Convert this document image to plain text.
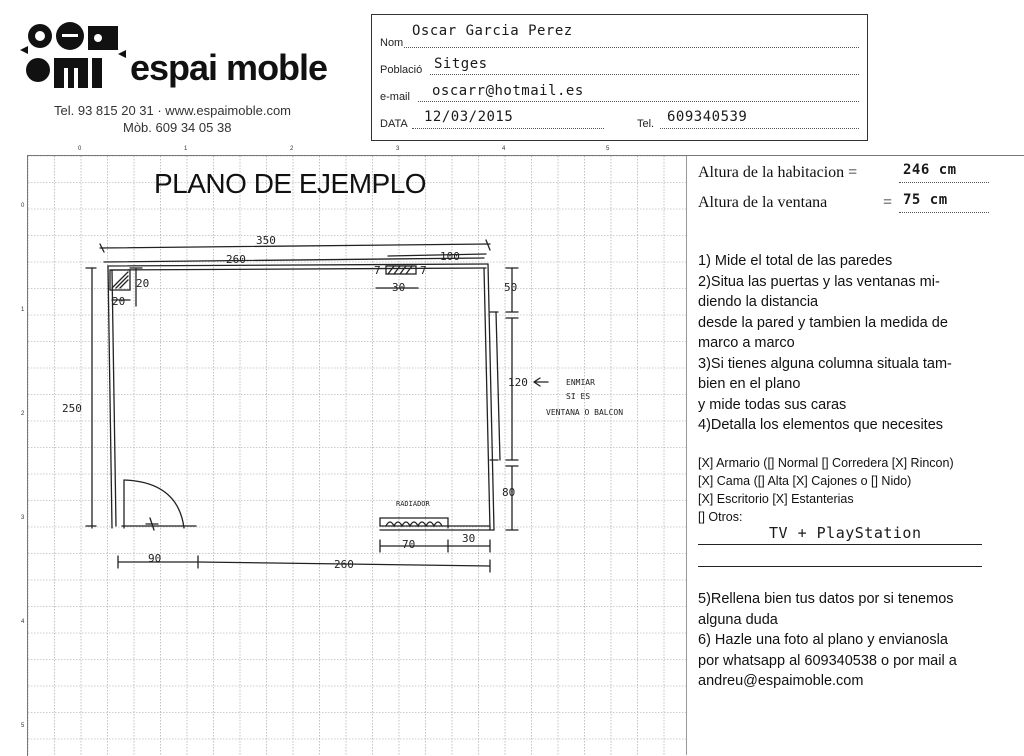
espai moble
Tel. 93 815 20 31 · www.espaimoble.com
Mòb. 609 34 05 38
Nom
Oscar Garcia Perez
Població Sitges
e-mail oscarr@hotmail.es
DATA 12/03/2015	Tel. 609340539
0	1	2	3	4	5
0
1
2
3
4
5
PLANO DE EJEMPLO
350
260	100
20
20
7	7
30	50
120
250
80
70	30
90	260
ENMIAR
SI ES
VENTANA O BALCON
RADIADOR
Altura de la habitacion =	246 cm
Altura de la ventana	= 75 cm
1) Mide el total de las paredes
2)Situa las puertas y las ventanas mi-
diendo la distancia
desde la pared y tambien la medida de
marco a marco
3)Si tienes alguna columna situala tam-
bien en el plano
y mide todas sus caras
4)Detalla los elementos que necesites
[X] Armario ([] Normal [] Corredera [X] Rincon)
[X] Cama ([] Alta [X] Cajones o [] Nido)
[X] Escritorio [X] Estanterias
[] Otros:
TV + PlayStation
5)Rellena bien tus datos por si tenemos
alguna duda
6) Hazle una foto al plano y envianosla
por whatsapp al 609340538 o por mail a
andreu@espaimoble.com
